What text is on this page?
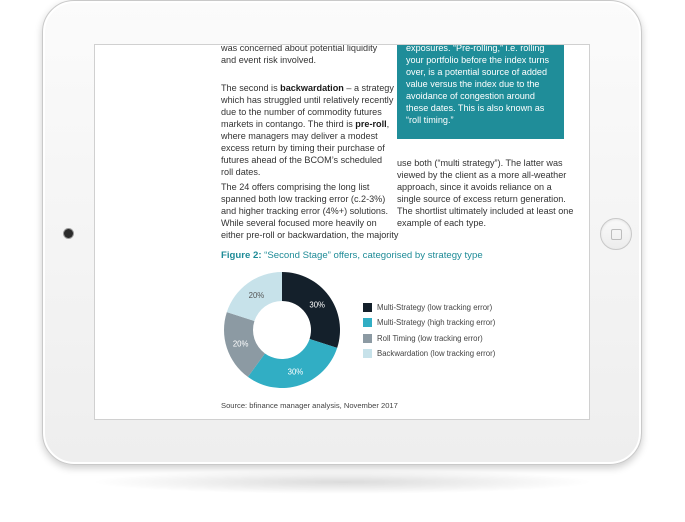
was concerned about potential liquidity
and event risk involved.
The second is backwardation – a strategy
which has struggled until relatively recently
due to the number of commodity futures
markets in contango. The third is pre-roll,
where managers may deliver a modest
excess return by timing their purchase of
futures ahead of the BCOM’s scheduled
roll dates.
The 24 offers comprising the long list
spanned both low tracking error (c.2-3%)
and higher tracking error (4%+) solutions.
While several focused more heavily on
either pre-roll or backwardation, the majority
exposures. “Pre-rolling,” i.e. rolling
your portfolio before the index turns
over, is a potential source of added
value versus the index due to the
avoidance of congestion around
these dates. This is also known as
“roll timing.”
use both (“multi strategy”). The latter was
viewed by the client as a more all-weather
approach, since it avoids reliance on a
single source of excess return generation.
The shortlist ultimately included at least one
example of each type.
Figure 2: “Second Stage” offers, categorised by strategy type
30%
30%
20%
20%
Multi-Strategy (low tracking error)
Multi-Strategy (high tracking error)
Roll Timing (low tracking error)
Backwardation (low tracking error)
Source: bfinance manager analysis, November 2017
